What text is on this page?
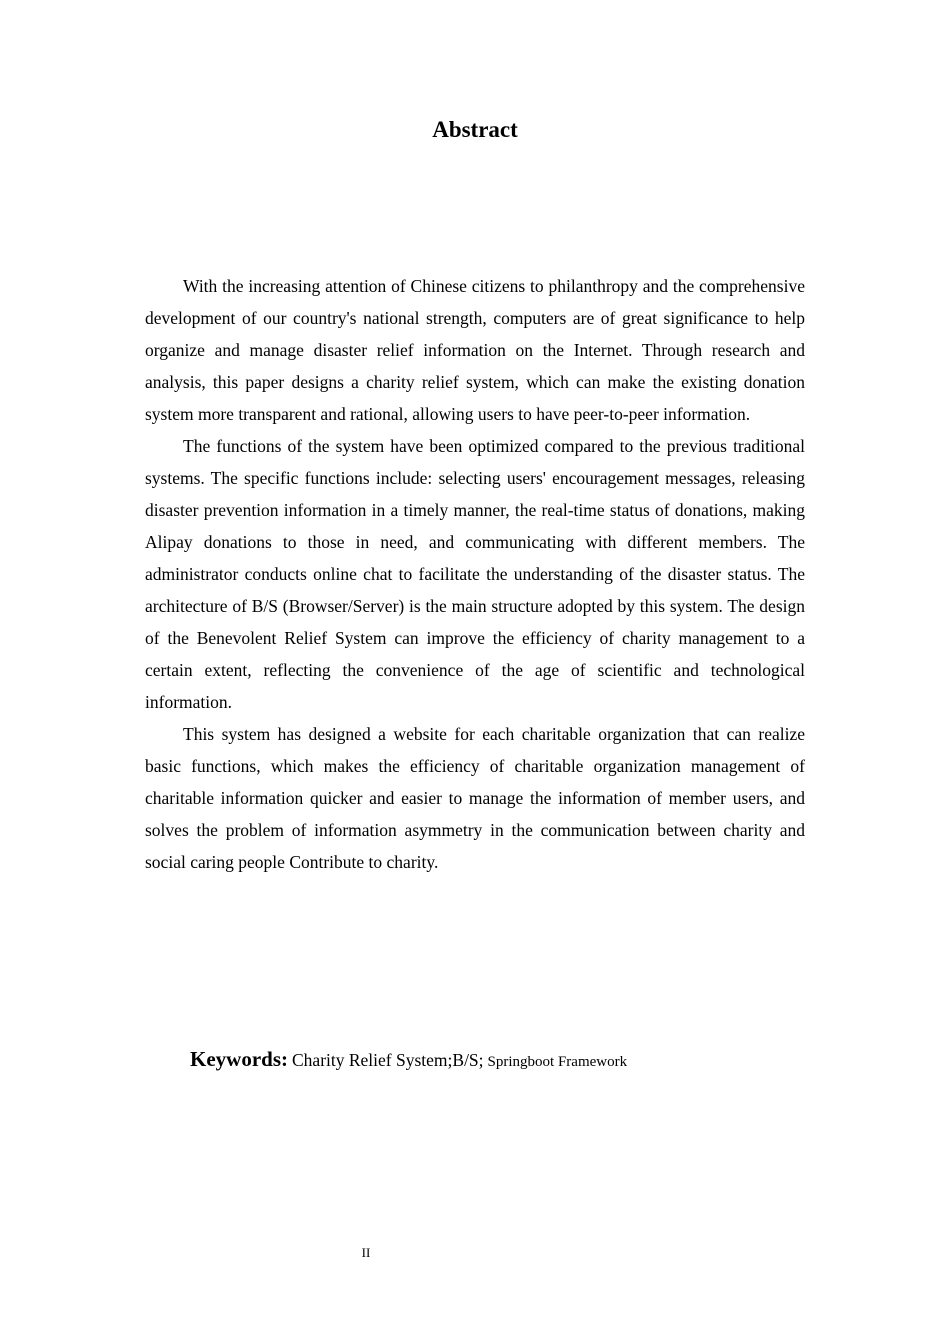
Abstract

With the increasing attention of Chinese citizens to philanthropy and the comprehensive development of our country's national strength, computers are of great significance to help organize and manage disaster relief information on the Internet. Through research and analysis, this paper designs a charity relief system, which can make the existing donation system more transparent and rational, allowing users to have peer-to-peer information.

The functions of the system have been optimized compared to the previous traditional systems. The specific functions include: selecting users' encouragement messages, releasing disaster prevention information in a timely manner, the real-time status of donations, making Alipay donations to those in need, and communicating with different members. The administrator conducts online chat to facilitate the understanding of the disaster status. The architecture of B/S (Browser/Server) is the main structure adopted by this system. The design of the Benevolent Relief System can improve the efficiency of charity management to a certain extent, reflecting the convenience of the age of scientific and technological information.

This system has designed a website for each charitable organization that can realize basic functions, which makes the efficiency of charitable organization management of charitable information quicker and easier to manage the information of member users, and solves the problem of information asymmetry in the communication between charity and social caring people Contribute to charity.

Keywords: Charity Relief System;B/S; Springboot Framework
II
